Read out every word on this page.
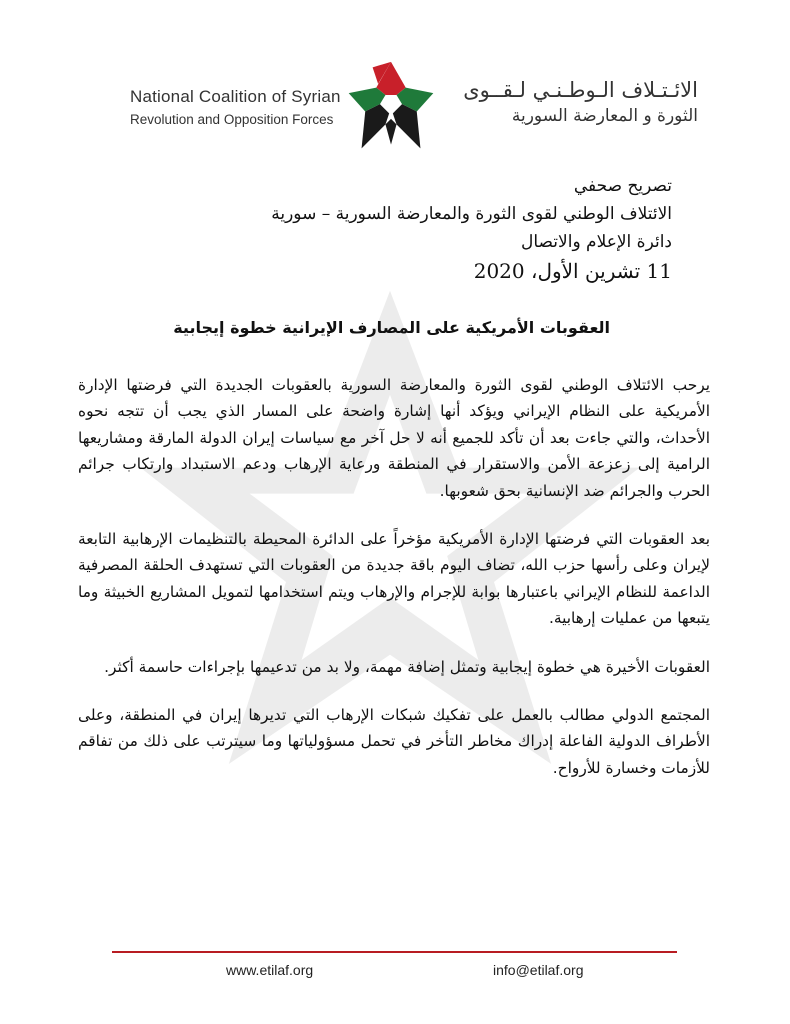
National Coalition of Syrian
Revolution and Opposition Forces
الائـتـلاف الـوطـنـي لـقــوى
الثورة و المعارضة السورية
تصريح صحفي
الائتلاف الوطني لقوى الثورة والمعارضة السورية – سورية
دائرة الإعلام والاتصال
11 تشرين الأول، 2020
العقوبات الأمريكية على المصارف الإيرانية خطوة إيجابية

يرحب الائتلاف الوطني لقوى الثورة والمعارضة السورية بالعقوبات الجديدة التي فرضتها الإدارة الأمريكية على النظام الإيراني ويؤكد أنها إشارة واضحة على المسار الذي يجب أن تتجه نحوه الأحداث، والتي جاءت بعد أن تأكد للجميع أنه لا حل آخر مع سياسات إيران الدولة المارقة ومشاريعها الرامية إلى زعزعة الأمن والاستقرار في المنطقة ورعاية الإرهاب ودعم الاستبداد وارتكاب جرائم الحرب والجرائم ضد الإنسانية بحق شعوبها.

بعد العقوبات التي فرضتها الإدارة الأمريكية مؤخراً على الدائرة المحيطة بالتنظيمات الإرهابية التابعة لإيران وعلى رأسها حزب الله، تضاف اليوم باقة جديدة من العقوبات التي تستهدف الحلقة المصرفية الداعمة للنظام الإيراني باعتبارها بوابة للإجرام والإرهاب ويتم استخدامها لتمويل المشاريع الخبيثة وما يتبعها من عمليات إرهابية.

العقوبات الأخيرة هي خطوة إيجابية وتمثل إضافة مهمة، ولا بد من تدعيمها بإجراءات حاسمة أكثر.

المجتمع الدولي مطالب بالعمل على تفكيك شبكات الإرهاب التي تديرها إيران في المنطقة، وعلى الأطراف الدولية الفاعلة إدراك مخاطر التأخر في تحمل مسؤولياتها وما سيترتب على ذلك من تفاقم للأزمات وخسارة للأرواح.

www.etilaf.org	info@etilaf.org
